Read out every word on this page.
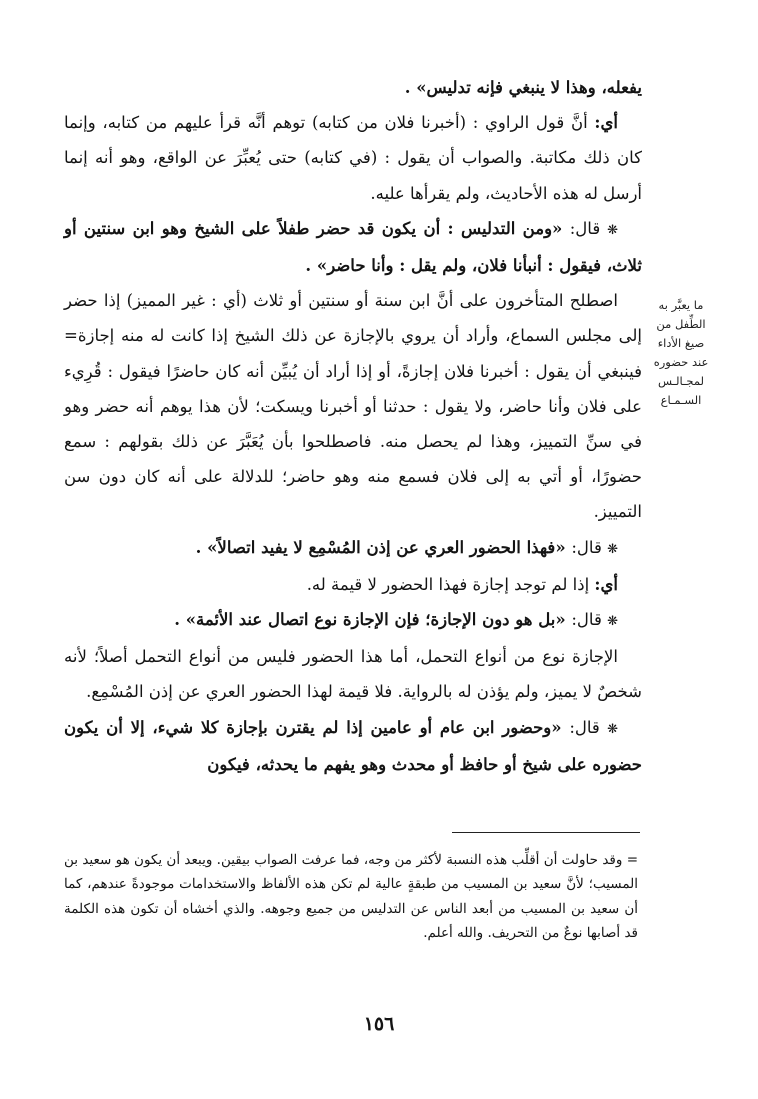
يفعله، وهذا لا ينبغي فإنه تدليس» .

أي: أنَّ قول الراوي : (أخبرنا فلان من كتابه) توهم أنَّه قرأ عليهم من كتابه، وإنما كان ذلك مكاتبة. والصواب أن يقول : (في كتابه) حتى يُعبِّرَ عن الواقع، وهو أنه إنما أرسل له هذه الأحاديث، ولم يقرأها عليه.

❋ قال: «ومن التدليس : أن يكون قد حضر طفلاً على الشيخ وهو ابن سنتين أو ثلاث، فيقول : أنبأنا فلان، ولم يقل : وأنا حاضر» .

اصطلح المتأخرون على أنَّ ابن سنة أو سنتين أو ثلاث (أي : غير المميز) إذا حضر إلى مجلس السماع، وأراد أن يروي بالإجازة عن ذلك الشيخ إذا كانت له منه إجازة= فينبغي أن يقول : أخبرنا فلان إجازةً، أو إذا أراد أن يُبيِّن أنه كان حاضرًا فيقول : قُرِيء على فلان وأنا حاضر، ولا يقول : حدثنا أو أخبرنا ويسكت؛ لأن هذا يوهم أنه حضر وهو في سنِّ التمييز، وهذا لم يحصل منه. فاصطلحوا بأن يُعَبَّرَ عن ذلك بقولهم : سمع حضورًا، أو أتي به إلى فلان فسمع منه وهو حاضر؛ للدلالة على أنه كان دون سن التمييز.

❋ قال: «فهذا الحضور العري عن إذن المُسْمِع لا يفيد اتصالاً» .

أي: إذا لم توجد إجازة فهذا الحضور لا قيمة له.

❋ قال: «بل هو دون الإجازة؛ فإن الإجازة نوع اتصال عند الأئمة» .

الإجازة نوع من أنواع التحمل، أما هذا الحضور فليس من أنواع التحمل أصلاً؛ لأنه شخصٌ لا يميز، ولم يؤذن له بالرواية. فلا قيمة لهذا الحضور العري عن إذن المُسْمِع.

❋ قال: «وحضور ابن عام أو عامين إذا لم يقترن بإجازة كلا شيء، إلا أن يكون حضوره على شيخ أو حافظ أو محدث وهو يفهم ما يحدثه، فيكون

ما يعبَّر به
الطِّفل من
صيغ الأداء
عند حضوره
لمجـالـس
السـمـاع

= وقد حاولت أن أقلِّب هذه النسبة لأكثر من وجه، فما عرفت الصواب بيقين. ويبعد أن يكون هو سعيد بن المسيب؛ لأنَّ سعيد بن المسيب من طبقةٍ عالية لم تكن هذه الألفاظ والاستخدامات موجودةً عندهم، كما أن سعيد بن المسيب من أبعد الناس عن التدليس من جميع وجوهه. والذي أخشاه أن تكون هذه الكلمة قد أصابها نوعٌ من التحريف. والله أعلم.

١٥٦
